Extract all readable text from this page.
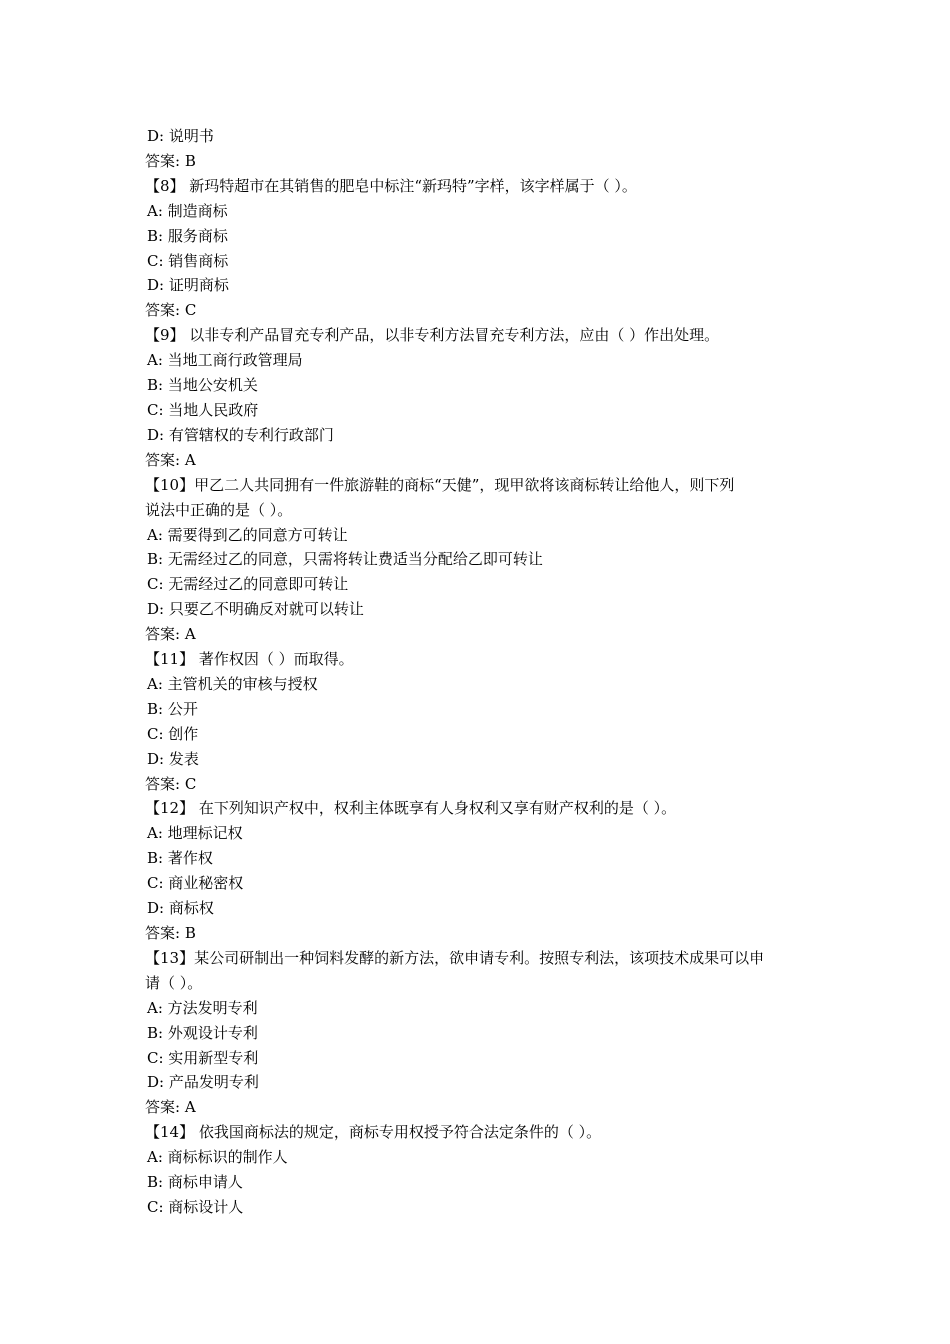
D: 说明书
答案: B
【8】 新玛特超市在其销售的肥皂中标注“新玛特”字样，该字样属于（ ）。
A: 制造商标
B: 服务商标
C: 销售商标
D: 证明商标
答案: C
【9】 以非专利产品冒充专利产品，以非专利方法冒充专利方法，应由（ ）作出处理。
A: 当地工商行政管理局
B: 当地公安机关
C: 当地人民政府
D: 有管辖权的专利行政部门
答案: A
【10】甲乙二人共同拥有一件旅游鞋的商标“天健”，现甲欲将该商标转让给他人，则下列
说法中正确的是（ ）。
A: 需要得到乙的同意方可转让
B: 无需经过乙的同意，只需将转让费适当分配给乙即可转让
C: 无需经过乙的同意即可转让
D: 只要乙不明确反对就可以转让
答案: A
【11】 著作权因（ ）而取得。
A: 主管机关的审核与授权
B: 公开
C: 创作
D: 发表
答案: C
【12】 在下列知识产权中，权利主体既享有人身权利又享有财产权利的是（ ）。
A: 地理标记权
B: 著作权
C: 商业秘密权
D: 商标权
答案: B
【13】某公司研制出一种饲料发酵的新方法，欲申请专利。按照专利法，该项技术成果可以申
请（ ）。
A: 方法发明专利
B: 外观设计专利
C: 实用新型专利
D: 产品发明专利
答案: A
【14】 依我国商标法的规定，商标专用权授予符合法定条件的（ ）。
A: 商标标识的制作人
B: 商标申请人
C: 商标设计人
